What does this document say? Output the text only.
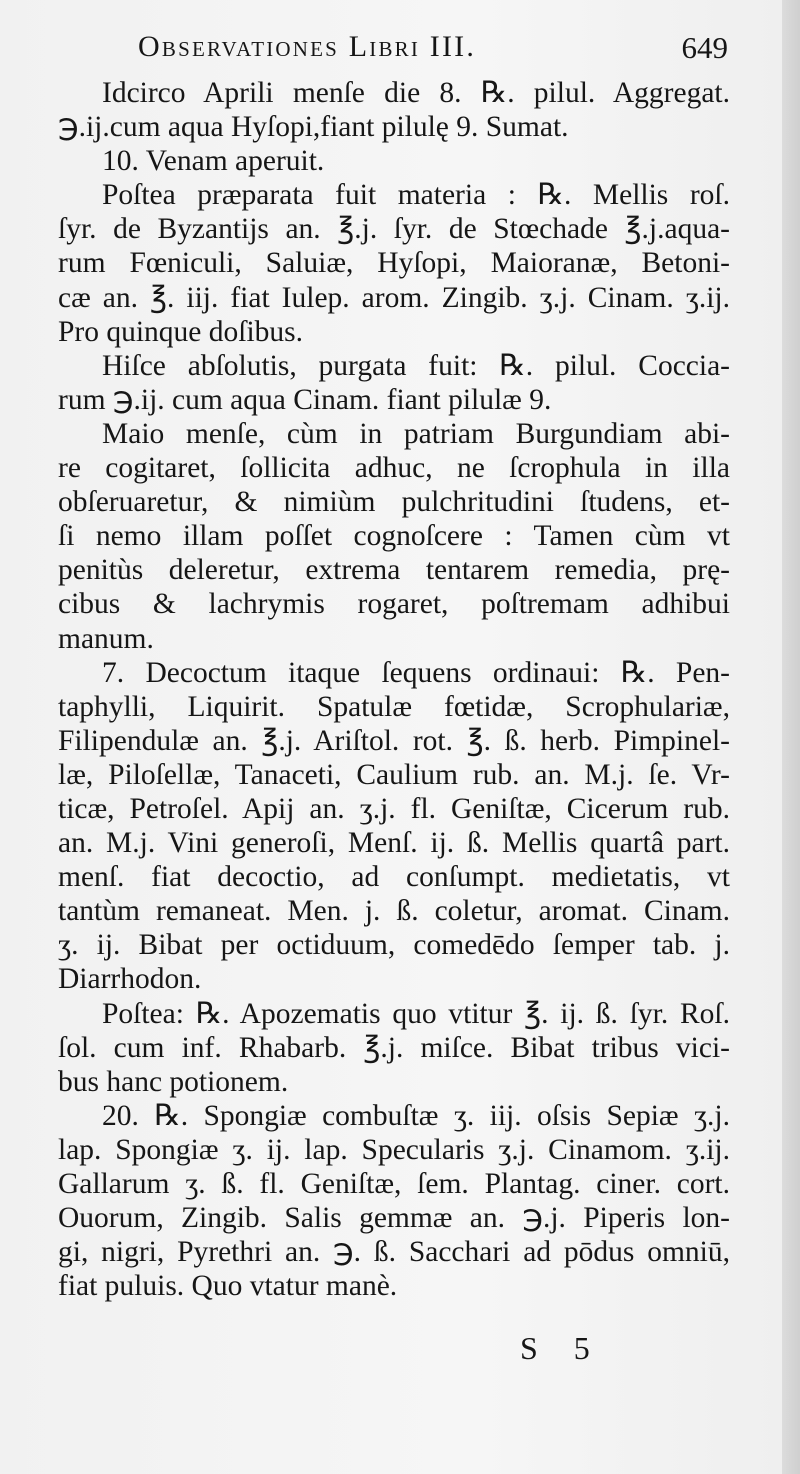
Observationes Libri III.	649
Idcirco Aprili menſe die 8. ℞. pilul. Aggregat.
℈.ij.cum aqua Hyſopi,fiant pilulę 9. Sumat.
10. Venam aperuit.
Poſtea præparata fuit materia : ℞. Mellis roſ.
ſyr. de Byzantijs an. ℥.j. ſyr. de Stœchade ℥.j.aqua-
rum Fœniculi, Saluiæ, Hyſopi, Maioranæ, Betoni-
cæ an. ℥. iij. fiat Iulep. arom. Zingib. ʒ.j. Cinam. ʒ.ij.
Pro quinque doſibus.
Hiſce abſolutis, purgata fuit: ℞. pilul. Coccia-
rum ℈.ij. cum aqua Cinam. fiant pilulæ 9.
Maio menſe, cùm in patriam Burgundiam abi-
re cogitaret, ſollicita adhuc, ne ſcrophula in illa
obſeruaretur, & nimiùm pulchritudini ſtudens, et-
ſi nemo illam poſſet cognoſcere : Tamen cùm vt
penitùs deleretur, extrema tentarem remedia, prę-
cibus & lachrymis rogaret, poſtremam adhibui
manum.
7. Decoctum itaque ſequens ordinaui: ℞. Pen-
taphylli, Liquirit. Spatulæ fœtidæ, Scrophulariæ,
Filipendulæ an. ℥.j. Ariſtol. rot. ℥. ß. herb. Pimpinel-
læ, Piloſellæ, Tanaceti, Caulium rub. an. M.j. ſe. Vr-
ticæ, Petroſel. Apij an. ʒ.j. fl. Geniſtæ, Cicerum rub.
an. M.j. Vini generoſi, Menſ. ij. ß. Mellis quartâ part.
menſ. fiat decoctio, ad conſumpt. medietatis, vt
tantùm remaneat. Men. j. ß. coletur, aromat. Cinam.
ʒ. ij. Bibat per octiduum, comedēdo ſemper tab. j.
Diarrhodon.
Poſtea: ℞. Apozematis quo vtitur ℥. ij. ß. ſyr. Roſ.
ſol. cum inf. Rhabarb. ℥.j. miſce. Bibat tribus vici-
bus hanc potionem.
20. ℞. Spongiæ combuſtæ ʒ. iij. oſsis Sepiæ ʒ.j.
lap. Spongiæ ʒ. ij. lap. Specularis ʒ.j. Cinamom. ʒ.ij.
Gallarum ʒ. ß. fl. Geniſtæ, ſem. Plantag. ciner. cort.
Ouorum, Zingib. Salis gemmæ an. ℈.j. Piperis lon-
gi, nigri, Pyrethri an. ℈. ß. Sacchari ad pōdus omniū,
fiat puluis. Quo vtatur manè.
S 5
